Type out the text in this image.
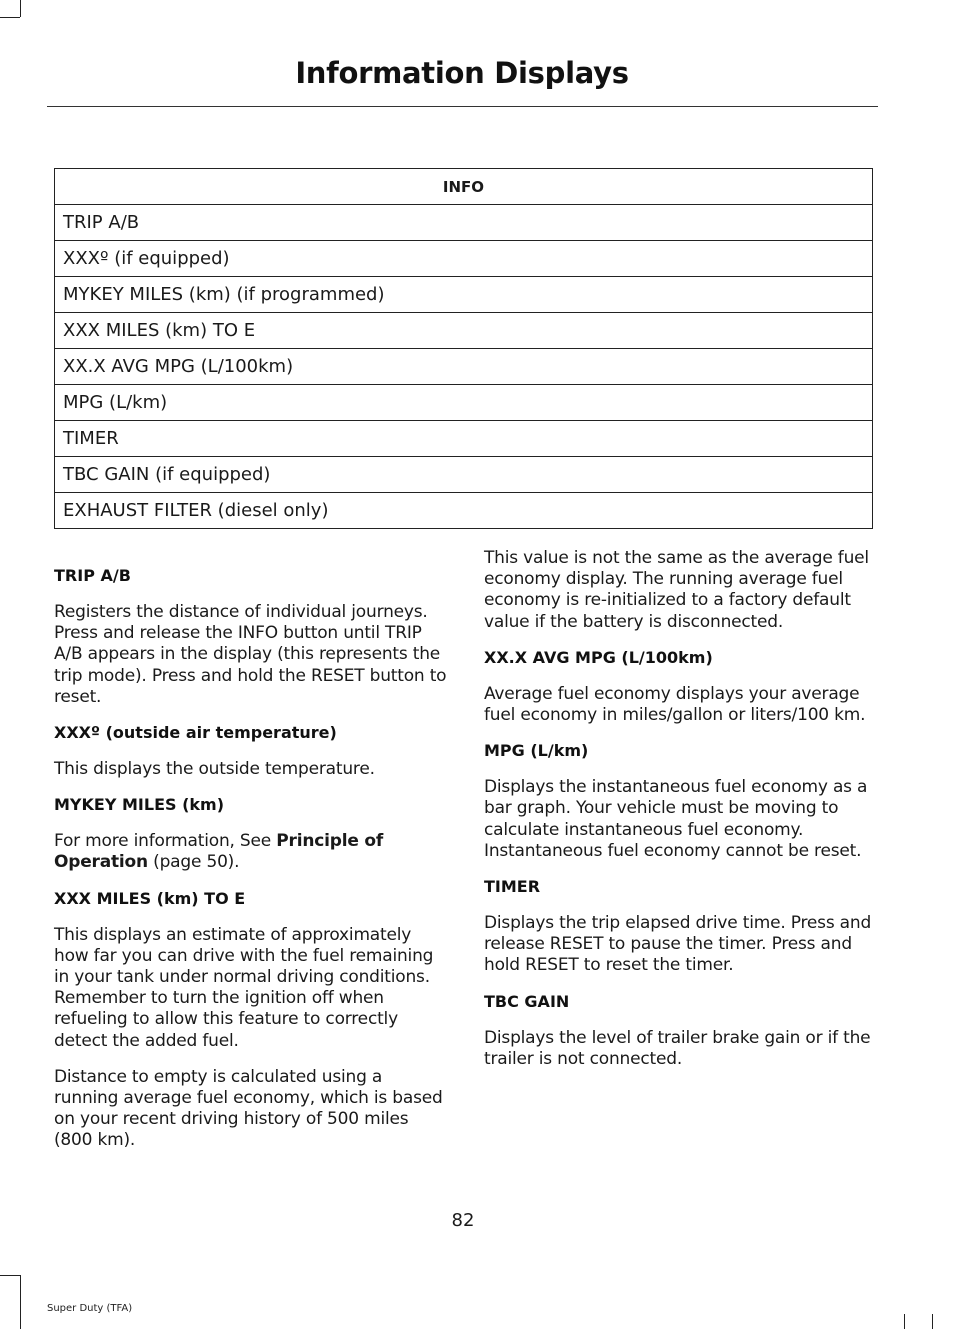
Information Displays
INFO
TRIP A/B
XXXº (if equipped)
MYKEY MILES (km) (if programmed)
XXX MILES (km) TO E
XX.X AVG MPG (L/100km)
MPG (L/km)
TIMER
TBC GAIN (if equipped)
EXHAUST FILTER (diesel only)
TRIP A/B

Registers the distance of individual journeys. Press and release the INFO button until TRIP A/B appears in the display (this represents the trip mode). Press and hold the RESET button to reset.

XXXº (outside air temperature)

This displays the outside temperature.

MYKEY MILES (km)

For more information, See Principle of Operation (page 50).

XXX MILES (km) TO E

This displays an estimate of approximately how far you can drive with the fuel remaining in your tank under normal driving conditions. Remember to turn the ignition off when refueling to allow this feature to correctly detect the added fuel.

Distance to empty is calculated using a running average fuel economy, which is based on your recent driving history of 500 miles (800 km).

This value is not the same as the average fuel economy display. The running average fuel economy is re-initialized to a factory default value if the battery is disconnected.

XX.X AVG MPG (L/100km)

Average fuel economy displays your average fuel economy in miles/gallon or liters/100 km.

MPG (L/km)

Displays the instantaneous fuel economy as a bar graph. Your vehicle must be moving to calculate instantaneous fuel economy. Instantaneous fuel economy cannot be reset.

TIMER

Displays the trip elapsed drive time. Press and release RESET to pause the timer. Press and hold RESET to reset the timer.

TBC GAIN

Displays the level of trailer brake gain or if the trailer is not connected.

82
Super Duty (TFA)
